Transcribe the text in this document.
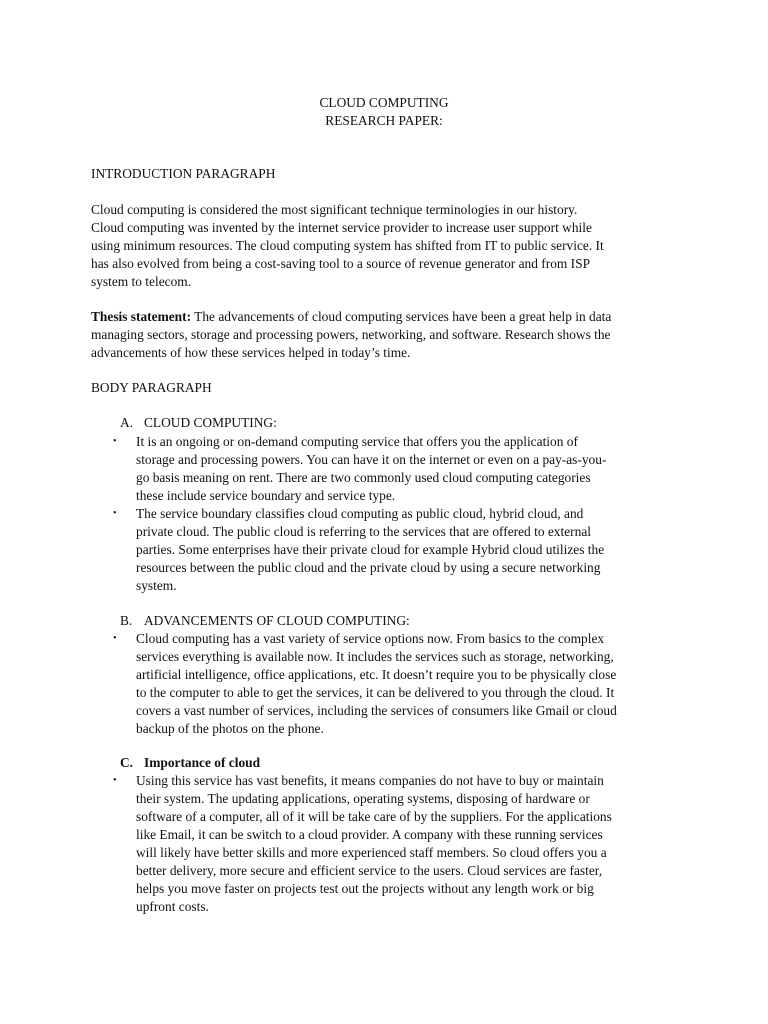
CLOUD COMPUTING
RESEARCH PAPER:
INTRODUCTION PARAGRAPH

Cloud computing is considered the most significant technique terminologies in our history.
Cloud computing was invented by the internet service provider to increase user support while
using minimum resources. The cloud computing system has shifted from IT to public service. It
has also evolved from being a cost-saving tool to a source of revenue generator and from ISP
system to telecom.

Thesis statement: The advancements of cloud computing services have been a great help in data
managing sectors, storage and processing powers, networking, and software. Research shows the
advancements of how these services helped in today’s time.

BODY PARAGRAPH
A. CLOUD COMPUTING:
• It is an ongoing or on-demand computing service that offers you the application of
storage and processing powers. You can have it on the internet or even on a pay-as-you-
go basis meaning on rent. There are two commonly used cloud computing categories
these include service boundary and service type.

• The service boundary classifies cloud computing as public cloud, hybrid cloud, and
private cloud. The public cloud is referring to the services that are offered to external
parties. Some enterprises have their private cloud for example Hybrid cloud utilizes the
resources between the public cloud and the private cloud by using a secure networking
system.

B. ADVANCEMENTS OF CLOUD COMPUTING:
• Cloud computing has a vast variety of service options now. From basics to the complex
services everything is available now. It includes the services such as storage, networking,
artificial intelligence, office applications, etc. It doesn’t require you to be physically close
to the computer to able to get the services, it can be delivered to you through the cloud. It
covers a vast number of services, including the services of consumers like Gmail or cloud
backup of the photos on the phone.

C. Importance of cloud
• Using this service has vast benefits, it means companies do not have to buy or maintain
their system. The updating applications, operating systems, disposing of hardware or
software of a computer, all of it will be take care of by the suppliers. For the applications
like Email, it can be switch to a cloud provider. A company with these running services
will likely have better skills and more experienced staff members. So cloud offers you a
better delivery, more secure and efficient service to the users. Cloud services are faster,
helps you move faster on projects test out the projects without any length work or big
upfront costs.
